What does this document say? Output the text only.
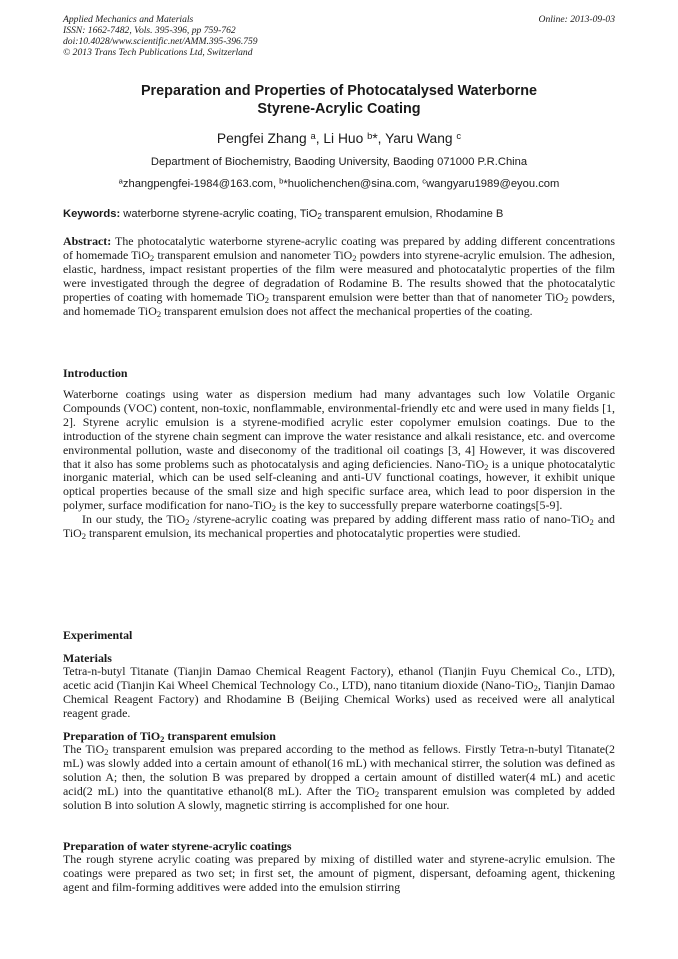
Applied Mechanics and Materials
ISSN: 1662-7482, Vols. 395-396, pp 759-762
doi:10.4028/www.scientific.net/AMM.395-396.759
© 2013 Trans Tech Publications Ltd, Switzerland
Online: 2013-09-03
Preparation and Properties of Photocatalysed Waterborne
Styrene-Acrylic Coating
Pengfei Zhang $^a$, Li Huo $^b$*, Yaru Wang $^c$
Department of Biochemistry, Baoding University, Baoding 071000 P.R.China
$^a$zhangpengfei-1984@163.com, $^b$*huolichenchen@sina.com, $^c$wangyaru1989@eyou.com
Keywords: waterborne styrene-acrylic coating, TiO$_2$ transparent emulsion, Rhodamine B
Abstract: The photocatalytic waterborne styrene-acrylic coating was prepared by adding different concentrations of homemade TiO$_2$ transparent emulsion and nanometer TiO$_2$ powders into styrene-acrylic emulsion. The adhesion, elastic, hardness, impact resistant properties of the film were measured and photocatalytic properties of the film were investigated through the degree of degradation of Rodamine B. The results showed that the photocatalytic properties of coating with homemade TiO$_2$ transparent emulsion were better than that of nanometer TiO$_2$ powders, and homemade TiO$_2$ transparent emulsion does not affect the mechanical properties of the coating.
Introduction

Waterborne coatings using water as dispersion medium had many advantages such low Volatile Organic Compounds (VOC) content, non-toxic, nonflammable, environmental-friendly etc and were used in many fields [1, 2]. Styrene acrylic emulsion is a styrene-modified acrylic ester copolymer emulsion coatings. Due to the introduction of the styrene chain segment can improve the water resistance and alkali resistance, etc. and overcome environmental pollution, waste and diseconomy of the traditional oil coatings [3, 4] However, it was discovered that it also has some problems such as photocatalysis and aging deficiencies. Nano-TiO$_2$ is a unique photocatalytic inorganic material, which can be used self-cleaning and anti-UV functional coatings, however, it exhibit unique optical properties because of the small size and high specific surface area, which lead to poor dispersion in the polymer, surface modification for nano-TiO$_2$ is the key to successfully prepare waterborne coatings[5-9].

In our study, the TiO$_2$ /styrene-acrylic coating was prepared by adding different mass ratio of nano-TiO$_2$ and TiO$_2$ transparent emulsion, its mechanical properties and photocatalytic properties were studied.

Experimental
Materials
Tetra-n-butyl Titanate (Tianjin Damao Chemical Reagent Factory), ethanol (Tianjin Fuyu Chemical Co., LTD), acetic acid (Tianjin Kai Wheel Chemical Technology Co., LTD), nano titanium dioxide (Nano-TiO$_2$, Tianjin Damao Chemical Reagent Factory) and Rhodamine B (Beijing Chemical Works) used as received were all analytical reagent grade.
Preparation of TiO$_2$ transparent emulsion
The TiO$_2$ transparent emulsion was prepared according to the method as fellows. Firstly Tetra-n-butyl Titanate(2 mL) was slowly added into a certain amount of ethanol(16 mL) with mechanical stirrer, the solution was defined as solution A; then, the solution B was prepared by dropped a certain amount of distilled water(4 mL) and acetic acid(2 mL) into the quantitative ethanol(8 mL). After the TiO$_2$ transparent emulsion was completed by added solution B into solution A slowly, magnetic stirring is accomplished for one hour.
Preparation of water styrene-acrylic coatings
The rough styrene acrylic coating was prepared by mixing of distilled water and styrene-acrylic emulsion. The coatings were prepared as two set; in first set, the amount of pigment, dispersant, defoaming agent, thickening agent and film-forming additives were added into the emulsion stirring
